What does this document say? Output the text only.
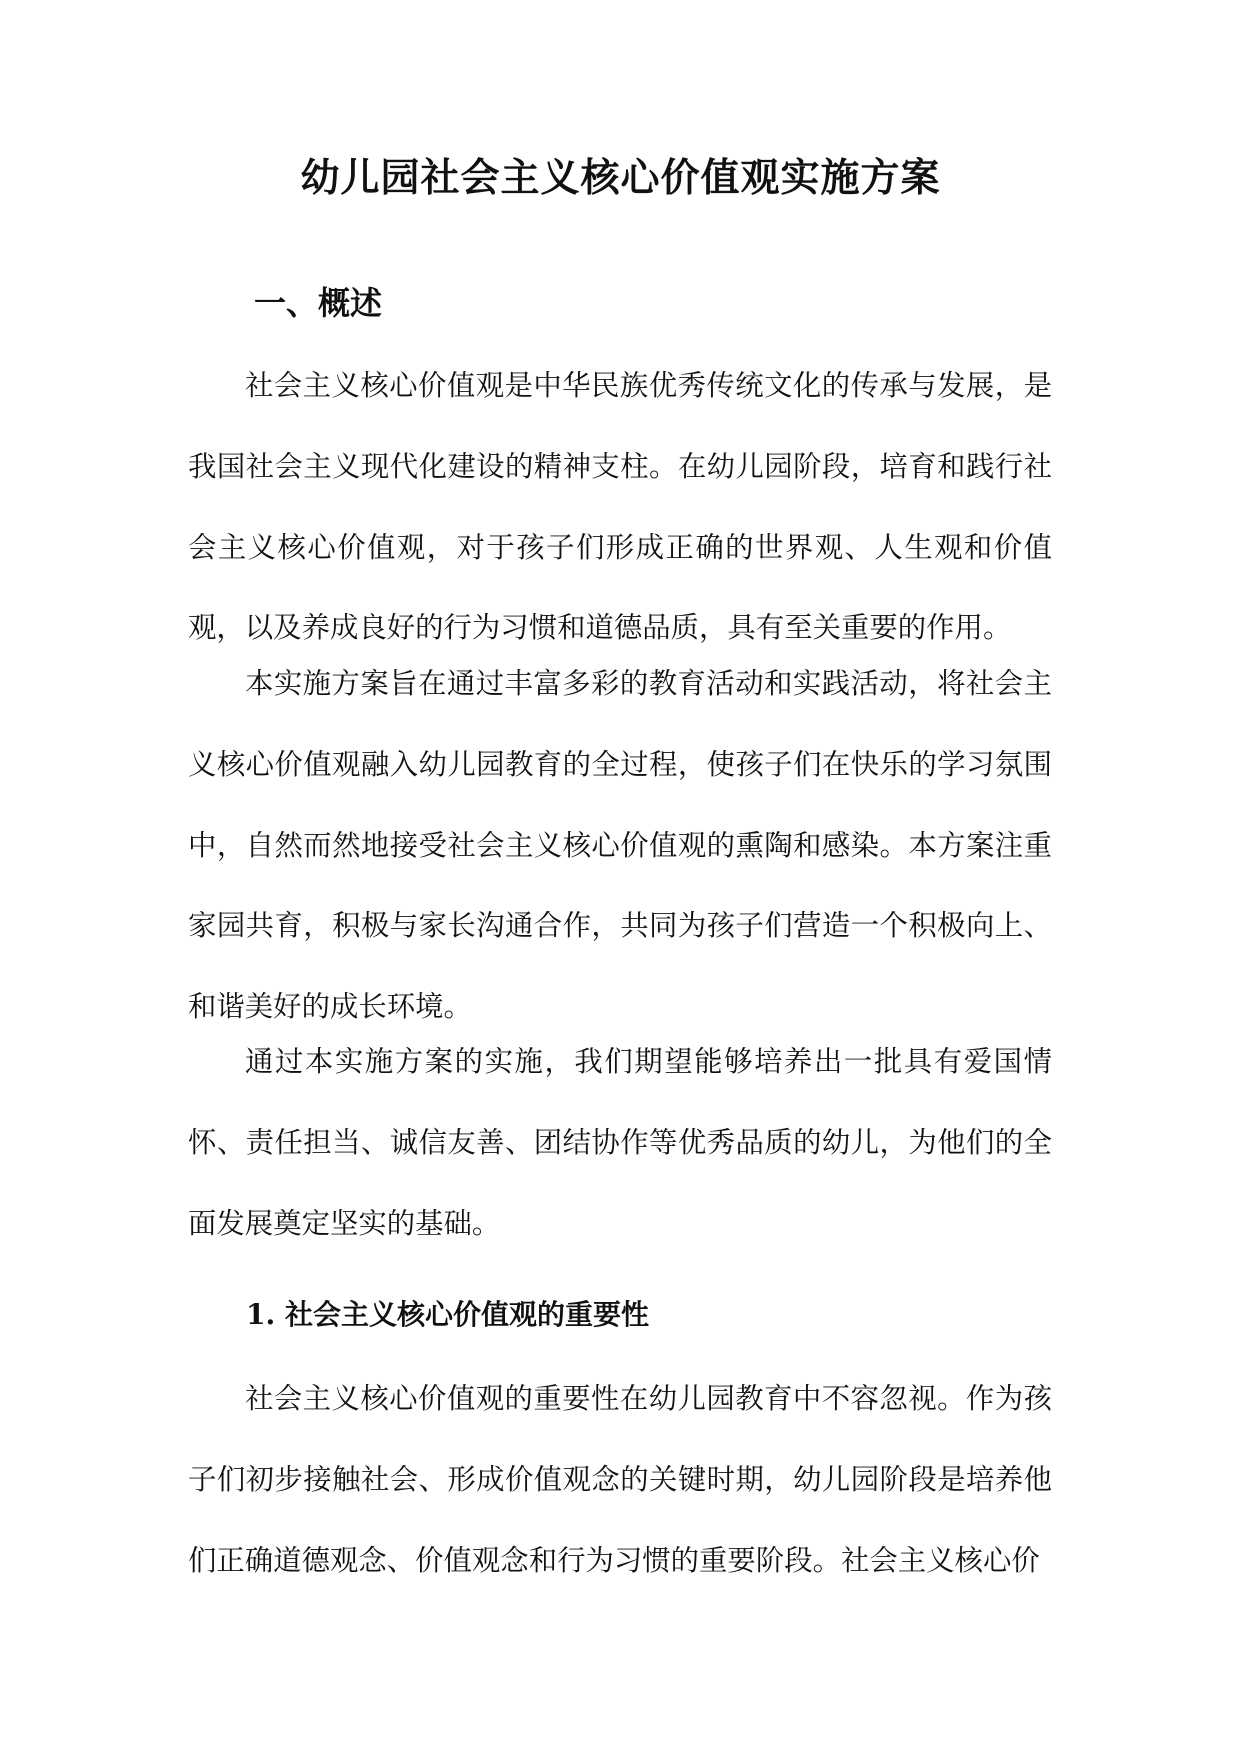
幼儿园社会主义核心价值观实施方案
一、概述

社会主义核心价值观是中华民族优秀传统文化的传承与发展，是我国社会主义现代化建设的精神支柱。在幼儿园阶段，培育和践行社会主义核心价值观，对于孩子们形成正确的世界观、人生观和价值观，以及养成良好的行为习惯和道德品质，具有至关重要的作用。

本实施方案旨在通过丰富多彩的教育活动和实践活动，将社会主义核心价值观融入幼儿园教育的全过程，使孩子们在快乐的学习氛围中，自然而然地接受社会主义核心价值观的熏陶和感染。本方案注重家园共育，积极与家长沟通合作，共同为孩子们营造一个积极向上、和谐美好的成长环境。

通过本实施方案的实施，我们期望能够培养出一批具有爱国情怀、责任担当、诚信友善、团结协作等优秀品质的幼儿，为他们的全面发展奠定坚实的基础。

1. 社会主义核心价值观的重要性

社会主义核心价值观的重要性在幼儿园教育中不容忽视。作为孩子们初步接触社会、形成价值观念的关键时期，幼儿园阶段是培养他们正确道德观念、价值观念和行为习惯的重要阶段。社会主义核心价
